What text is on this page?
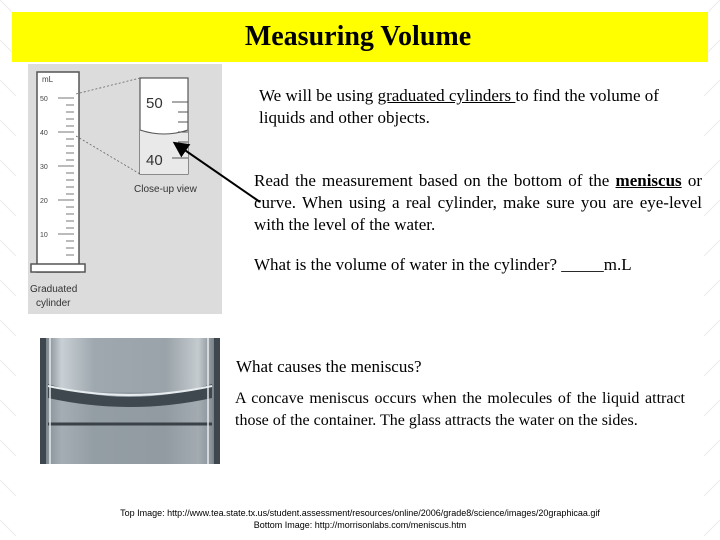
Measuring Volume
mL
50
40
30
20
10
50
40
Close-up view
Graduated
cylinder
We will be using graduated cylinders to find the volume of liquids and other objects.
Read the measurement based on the bottom of the meniscus or curve. When using a real cylinder, make sure you are eye-level with the level of the water.
What is the volume of water in the cylinder? _____m.L
What causes the meniscus?
A concave meniscus occurs when the molecules of the liquid attract those of the container. The glass attracts the water on the sides.
Top Image: http://www.tea.state.tx.us/student.assessment/resources/online/2006/grade8/science/images/20graphicaa.gif
Bottom Image: http://morrisonlabs.com/meniscus.htm
